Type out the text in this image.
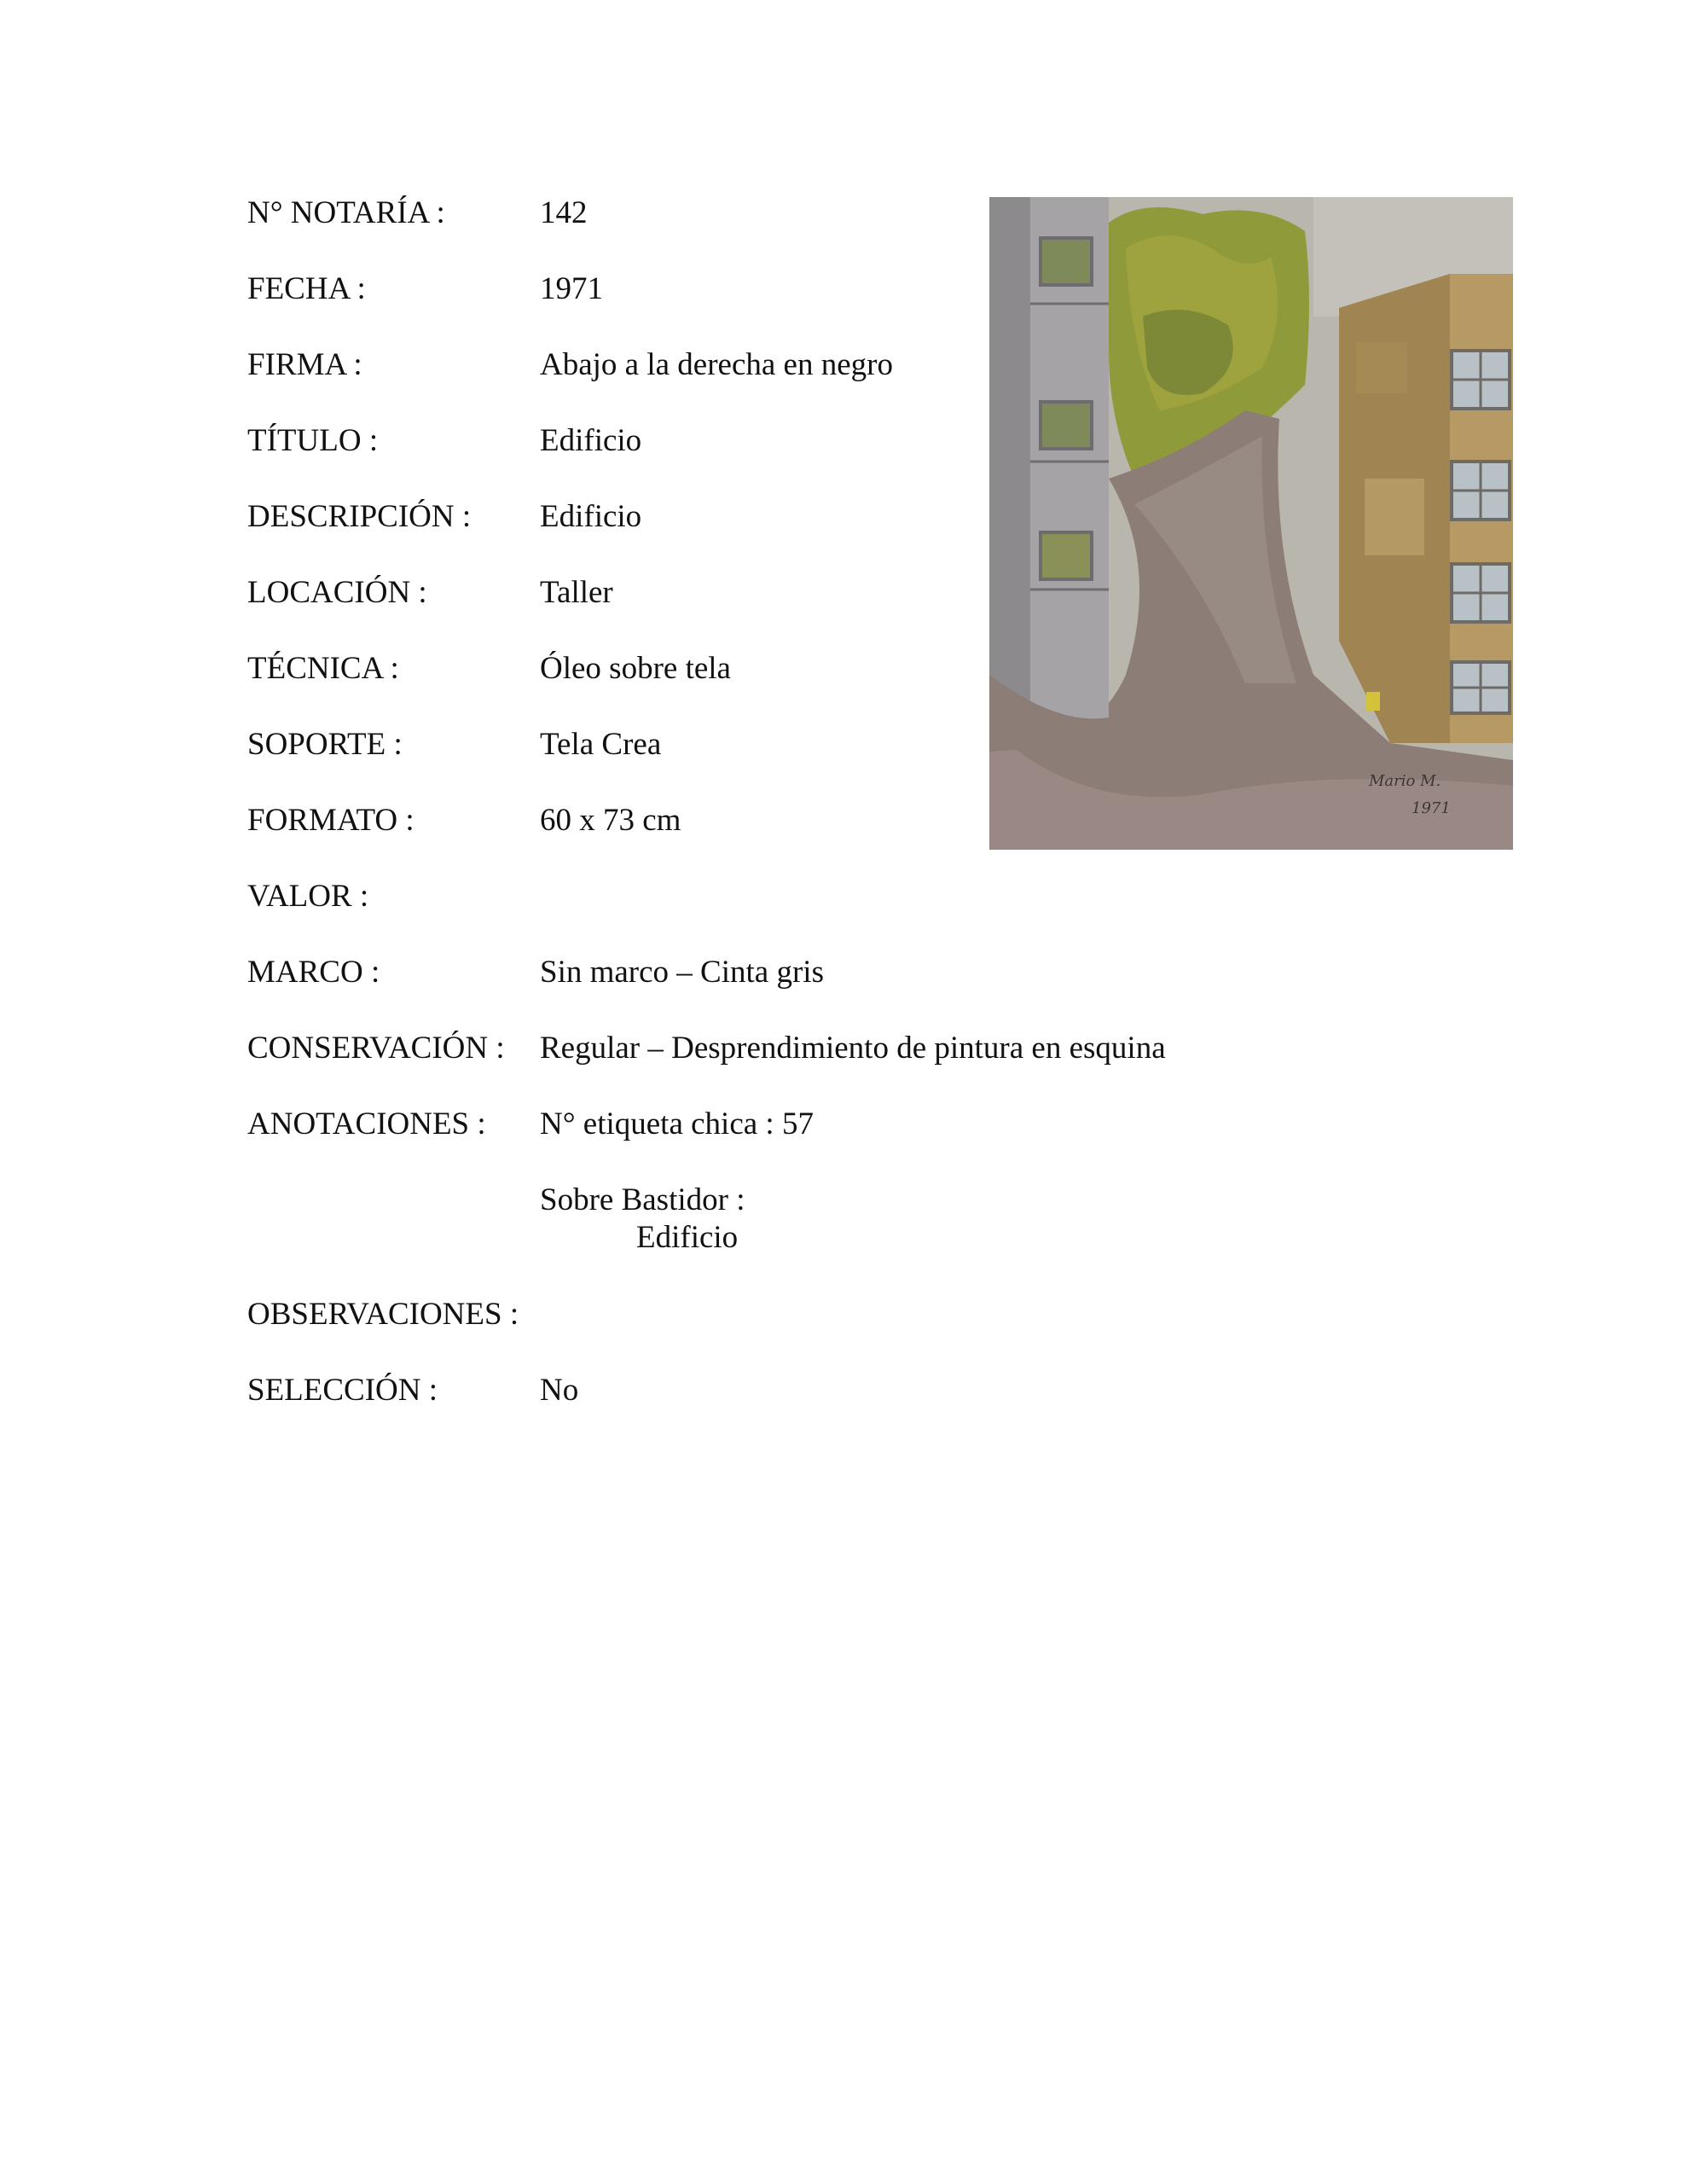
N° NOTARÍA :	142
FECHA :	1971
FIRMA :	Abajo a la derecha en negro
TÍTULO :	Edificio
DESCRIPCIÓN : Edificio
LOCACIÓN :	Taller
TÉCNICA :	Óleo sobre tela
SOPORTE :	Tela Crea
FORMATO :	60 x 73 cm
VALOR :
MARCO :	Sin marco – Cinta gris
CONSERVACIÓN : Regular – Desprendimiento de pintura en esquina
ANOTACIONES : N° etiqueta chica : 57
Sobre Bastidor :
Edificio
OBSERVACIONES :
SELECCIÓN :	No
Mario M.
1971
